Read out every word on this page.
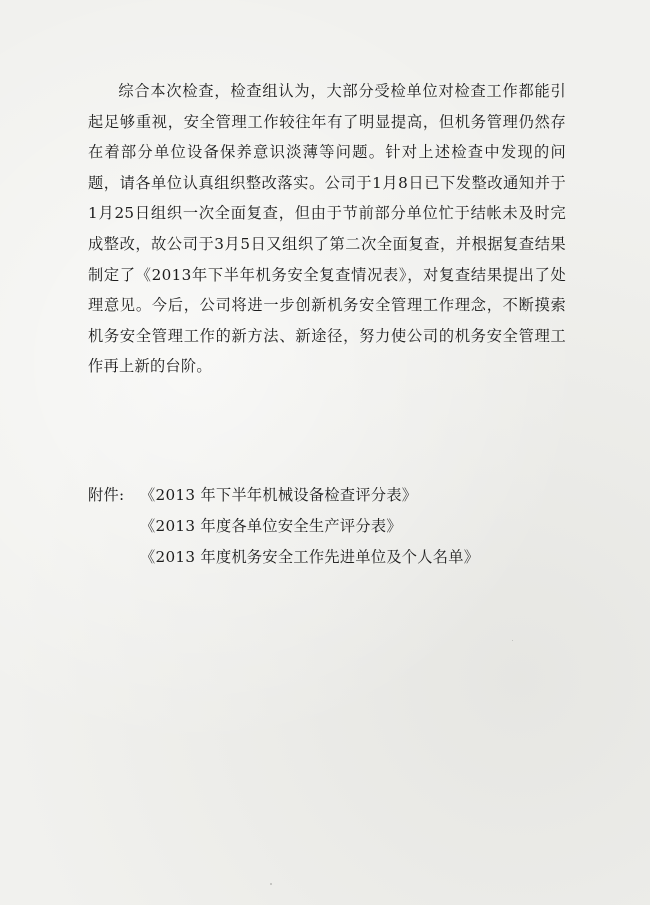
综合本次检查，检查组认为，大部分受检单位对检查工作都能引起足够重视，安全管理工作较往年有了明显提高，但机务管理仍然存在着部分单位设备保养意识淡薄等问题。针对上述检查中发现的问题，请各单位认真组织整改落实。公司于1月8日已下发整改通知并于1月25日组织一次全面复查，但由于节前部分单位忙于结帐未及时完成整改，故公司于3月5日又组织了第二次全面复查，并根据复查结果制定了《2013年下半年机务安全复查情况表》，对复查结果提出了处理意见。今后，公司将进一步创新机务安全管理工作理念，不断摸索机务安全管理工作的新方法、新途径，努力使公司的机务安全管理工作再上新的台阶。

附件: 《2013 年下半年机械设备检查评分表》
《2013 年度各单位安全生产评分表》
《2013 年度机务安全工作先进单位及个人名单》
